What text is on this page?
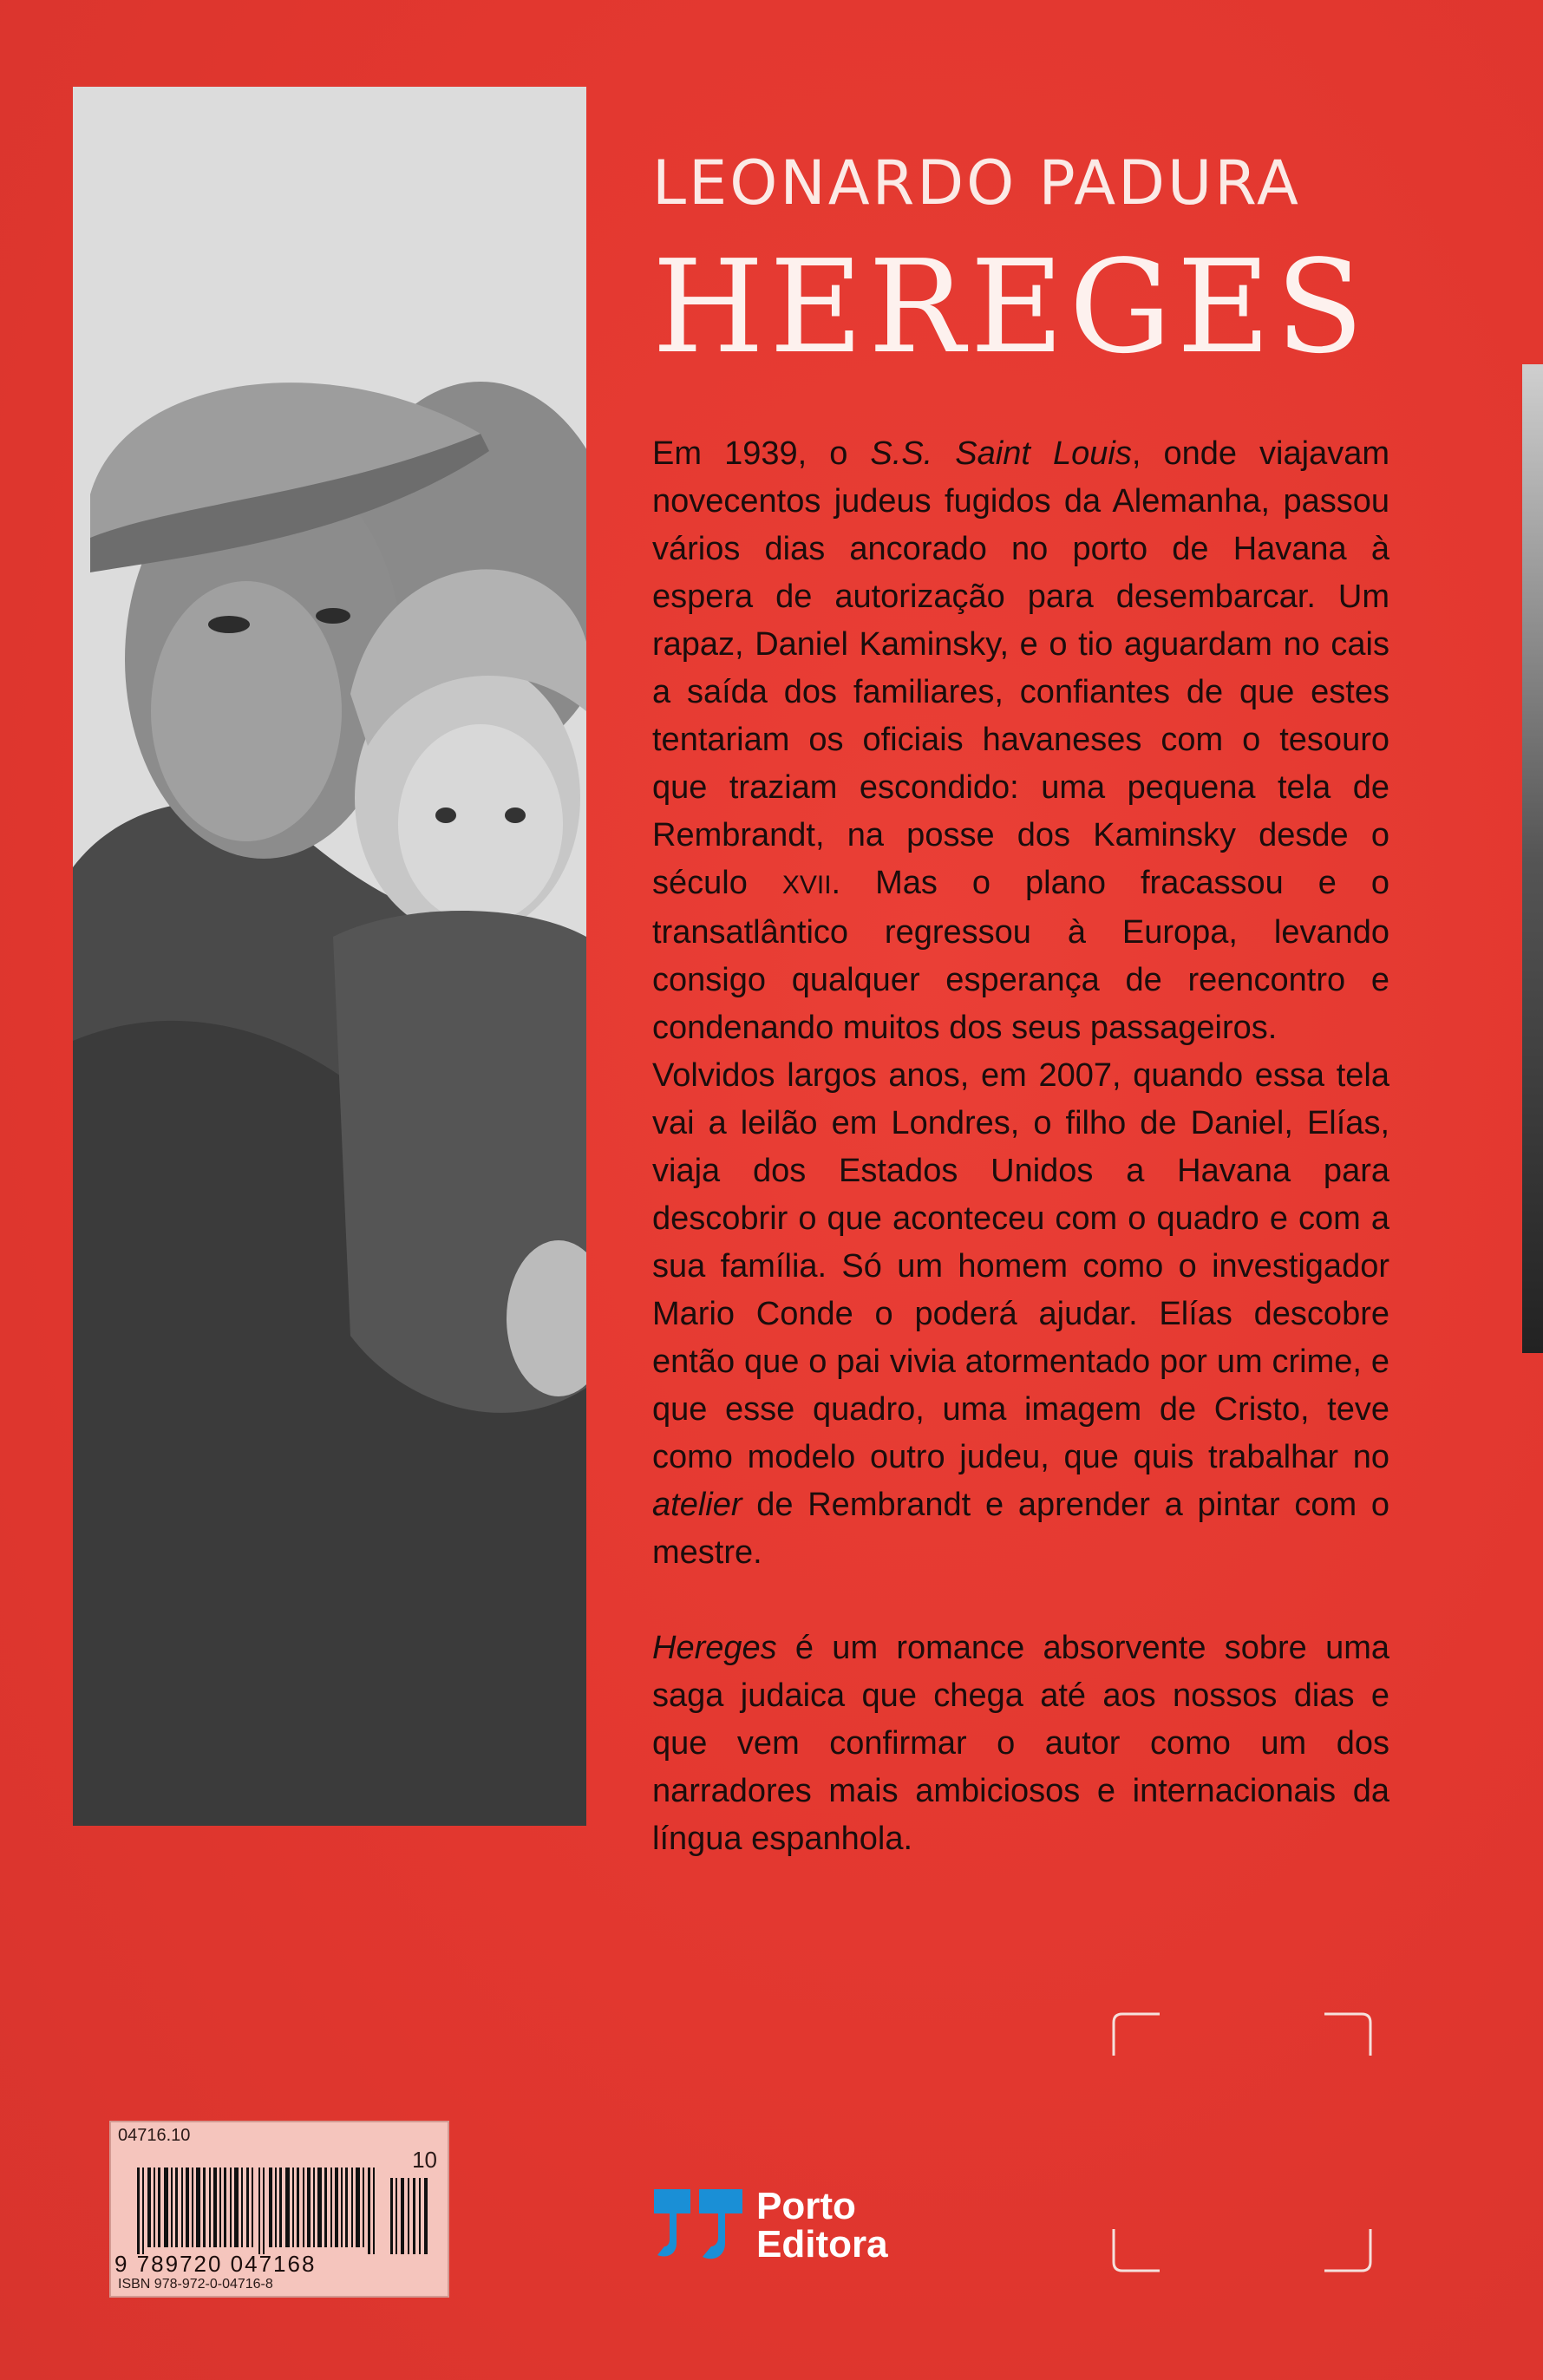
LEONARDO PADURA
HEREGES

Em 1939, o S.S. Saint Louis, onde viajavam novecentos judeus fugidos da Alemanha, passou vários dias ancorado no porto de Havana à espera de autorização para desembarcar. Um rapaz, Daniel Kaminsky, e o tio aguardam no cais a saída dos familiares, confiantes de que estes tentariam os oficiais havaneses com o tesouro que traziam escondido: uma pequena tela de Rembrandt, na posse dos Kaminsky desde o século XVII. Mas o plano fracassou e o transatlântico regressou à Europa, levando consigo qualquer esperança de reencontro e condenando muitos dos seus passageiros.

Volvidos largos anos, em 2007, quando essa tela vai a leilão em Londres, o filho de Daniel, Elías, viaja dos Estados Unidos a Havana para descobrir o que aconteceu com o quadro e com a sua família. Só um homem como o investigador Mario Conde o poderá ajudar. Elías descobre então que o pai vivia atormentado por um crime, e que esse quadro, uma imagem de Cristo, teve como modelo outro judeu, que quis trabalhar no atelier de Rembrandt e aprender a pintar com o mestre.

Hereges é um romance absorvente sobre uma saga judaica que chega até aos nossos dias e que vem confirmar o autor como um dos narradores mais ambiciosos e internacionais da língua espanhola.

04716.10
10
9 789720 047168
ISBN 978-972-0-04716-8
Porto
Editora
